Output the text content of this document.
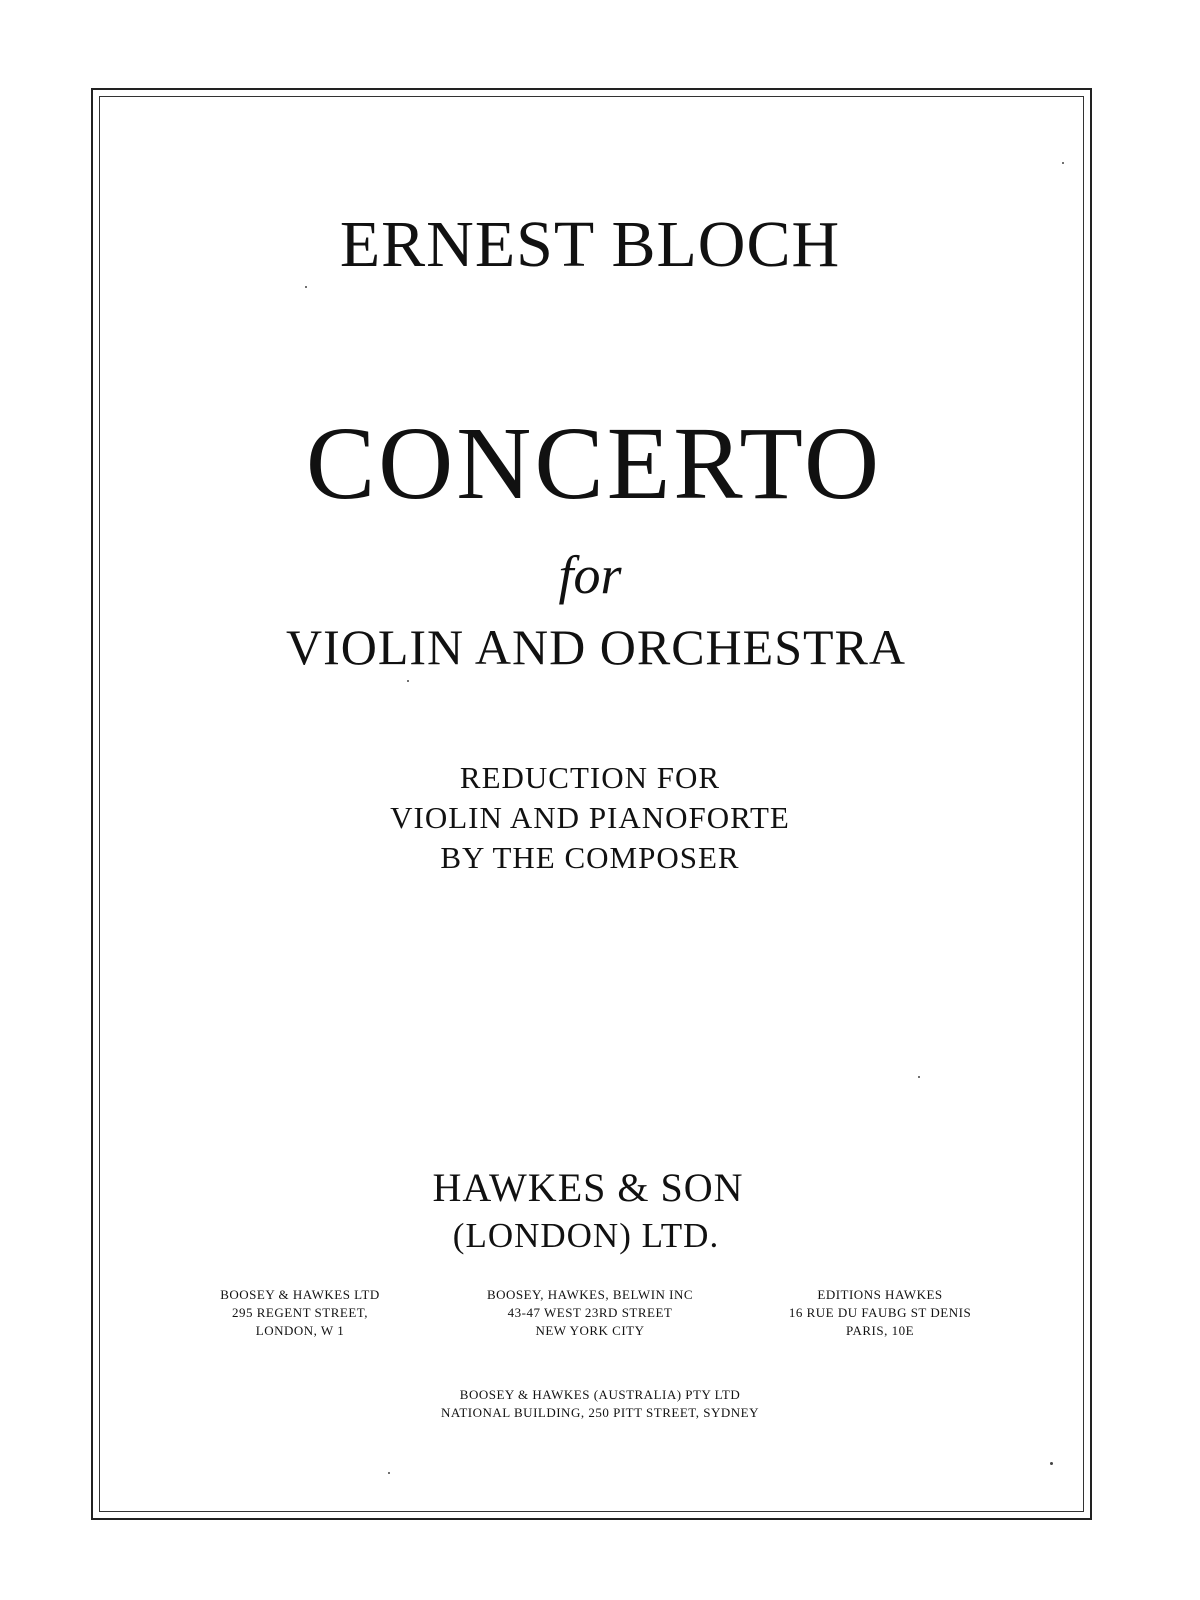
ERNEST BLOCH
CONCERTO
for
VIOLIN AND ORCHESTRA
REDUCTION FOR
VIOLIN AND PIANOFORTE
BY THE COMPOSER
HAWKES & SON
(LONDON) LTD.
BOOSEY & HAWKES LTD
295 REGENT STREET,
LONDON, W 1
BOOSEY, HAWKES, BELWIN INC
43-47 WEST 23RD STREET
NEW YORK CITY
EDITIONS HAWKES
16 RUE DU FAUBG ST DENIS
PARIS, 10E
BOOSEY & HAWKES (AUSTRALIA) PTY LTD
NATIONAL BUILDING, 250 PITT STREET, SYDNEY
